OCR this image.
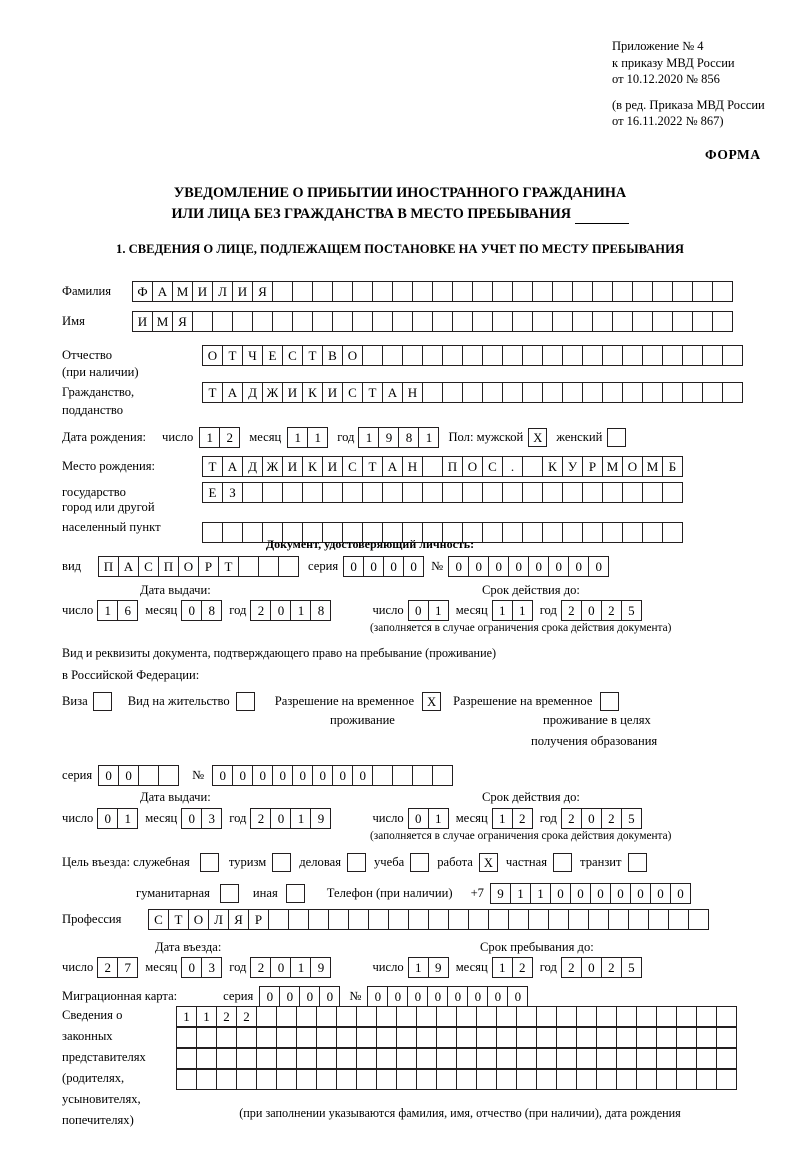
Приложение № 4
к приказу МВД России
от 10.12.2020 № 856
(в ред. Приказа МВД России
от 16.11.2022 № 867)
ФОРМА
УВЕДОМЛЕНИЕ О ПРИБЫТИИ ИНОСТРАННОГО ГРАЖДАНИНА
ИЛИ ЛИЦА БЕЗ ГРАЖДАНСТВА В МЕСТО ПРЕБЫВАНИЯ
1. СВЕДЕНИЯ О ЛИЦЕ, ПОДЛЕЖАЩЕМ ПОСТАНОВКЕ НА УЧЕТ ПО МЕСТУ ПРЕБЫВАНИЯ
Фамилия	Ф А М И Л И Я
Имя	И М Я
Отчество	О Т Ч Е С Т В О
(при наличии)
Гражданство,	Т А Д Ж И К И С Т А Н
подданство
Дата рождения: число	1	2	месяц	1	1	год 1	9	8	1	Пол: мужской X	женский
Место рождения:	Т А Д Ж И К И С Т А Н	П О С	.	К У Р М О М Б
государство	Е З
город или другой
населенный пункт
Документ, удостоверяющий личность:
вид	П А С П О Р Т	серия 0	0	0	0	№ 0	0	0	0	0	0	0	0
Дата выдачи:	Срок действия до:
число 1	6	месяц 0	8	год 2	0	1	8	число 0	1	месяц 1	1	год 2	0	2	5
(заполняется в случае ограничения срока действия документа)
Вид и реквизиты документа, подтверждающего право на пребывание (проживание)
в Российской Федерации:
Виза	Вид на жительство	Разрешение на временное	X	Разрешение на временное
проживание	проживание в целях
получения образования
серия	0	0	№	0	0	0	0	0	0	0	0
Дата выдачи:	Срок действия до:
число 0	1	месяц 0	3	год 2	0	1	9	число 0	1	месяц 1	2	год 2	0	2	5
(заполняется в случае ограничения срока действия документа)
Цель въезда: служебная	туризм	деловая	учеба	работа X	частная	транзит
гуманитарная	иная	Телефон (при наличии) +7	9	1	1	0	0	0	0	0	0	0
Профессия	С Т О Л Я Р
Дата въезда:	Срок пребывания до:
число 2	7	месяц 0	3	год 2	0	1	9	число 1	9	месяц 1	2	год 2	0	2	5
Миграционная карта:	серия	0	0	0	0	№	0	0	0	0	0	0	0	0
Сведения о
законных
представителях
(родителях,
усыновителях,
попечителях)
1	1	2	2
(при заполнении указываются фамилия, имя, отчество (при наличии), дата рождения
